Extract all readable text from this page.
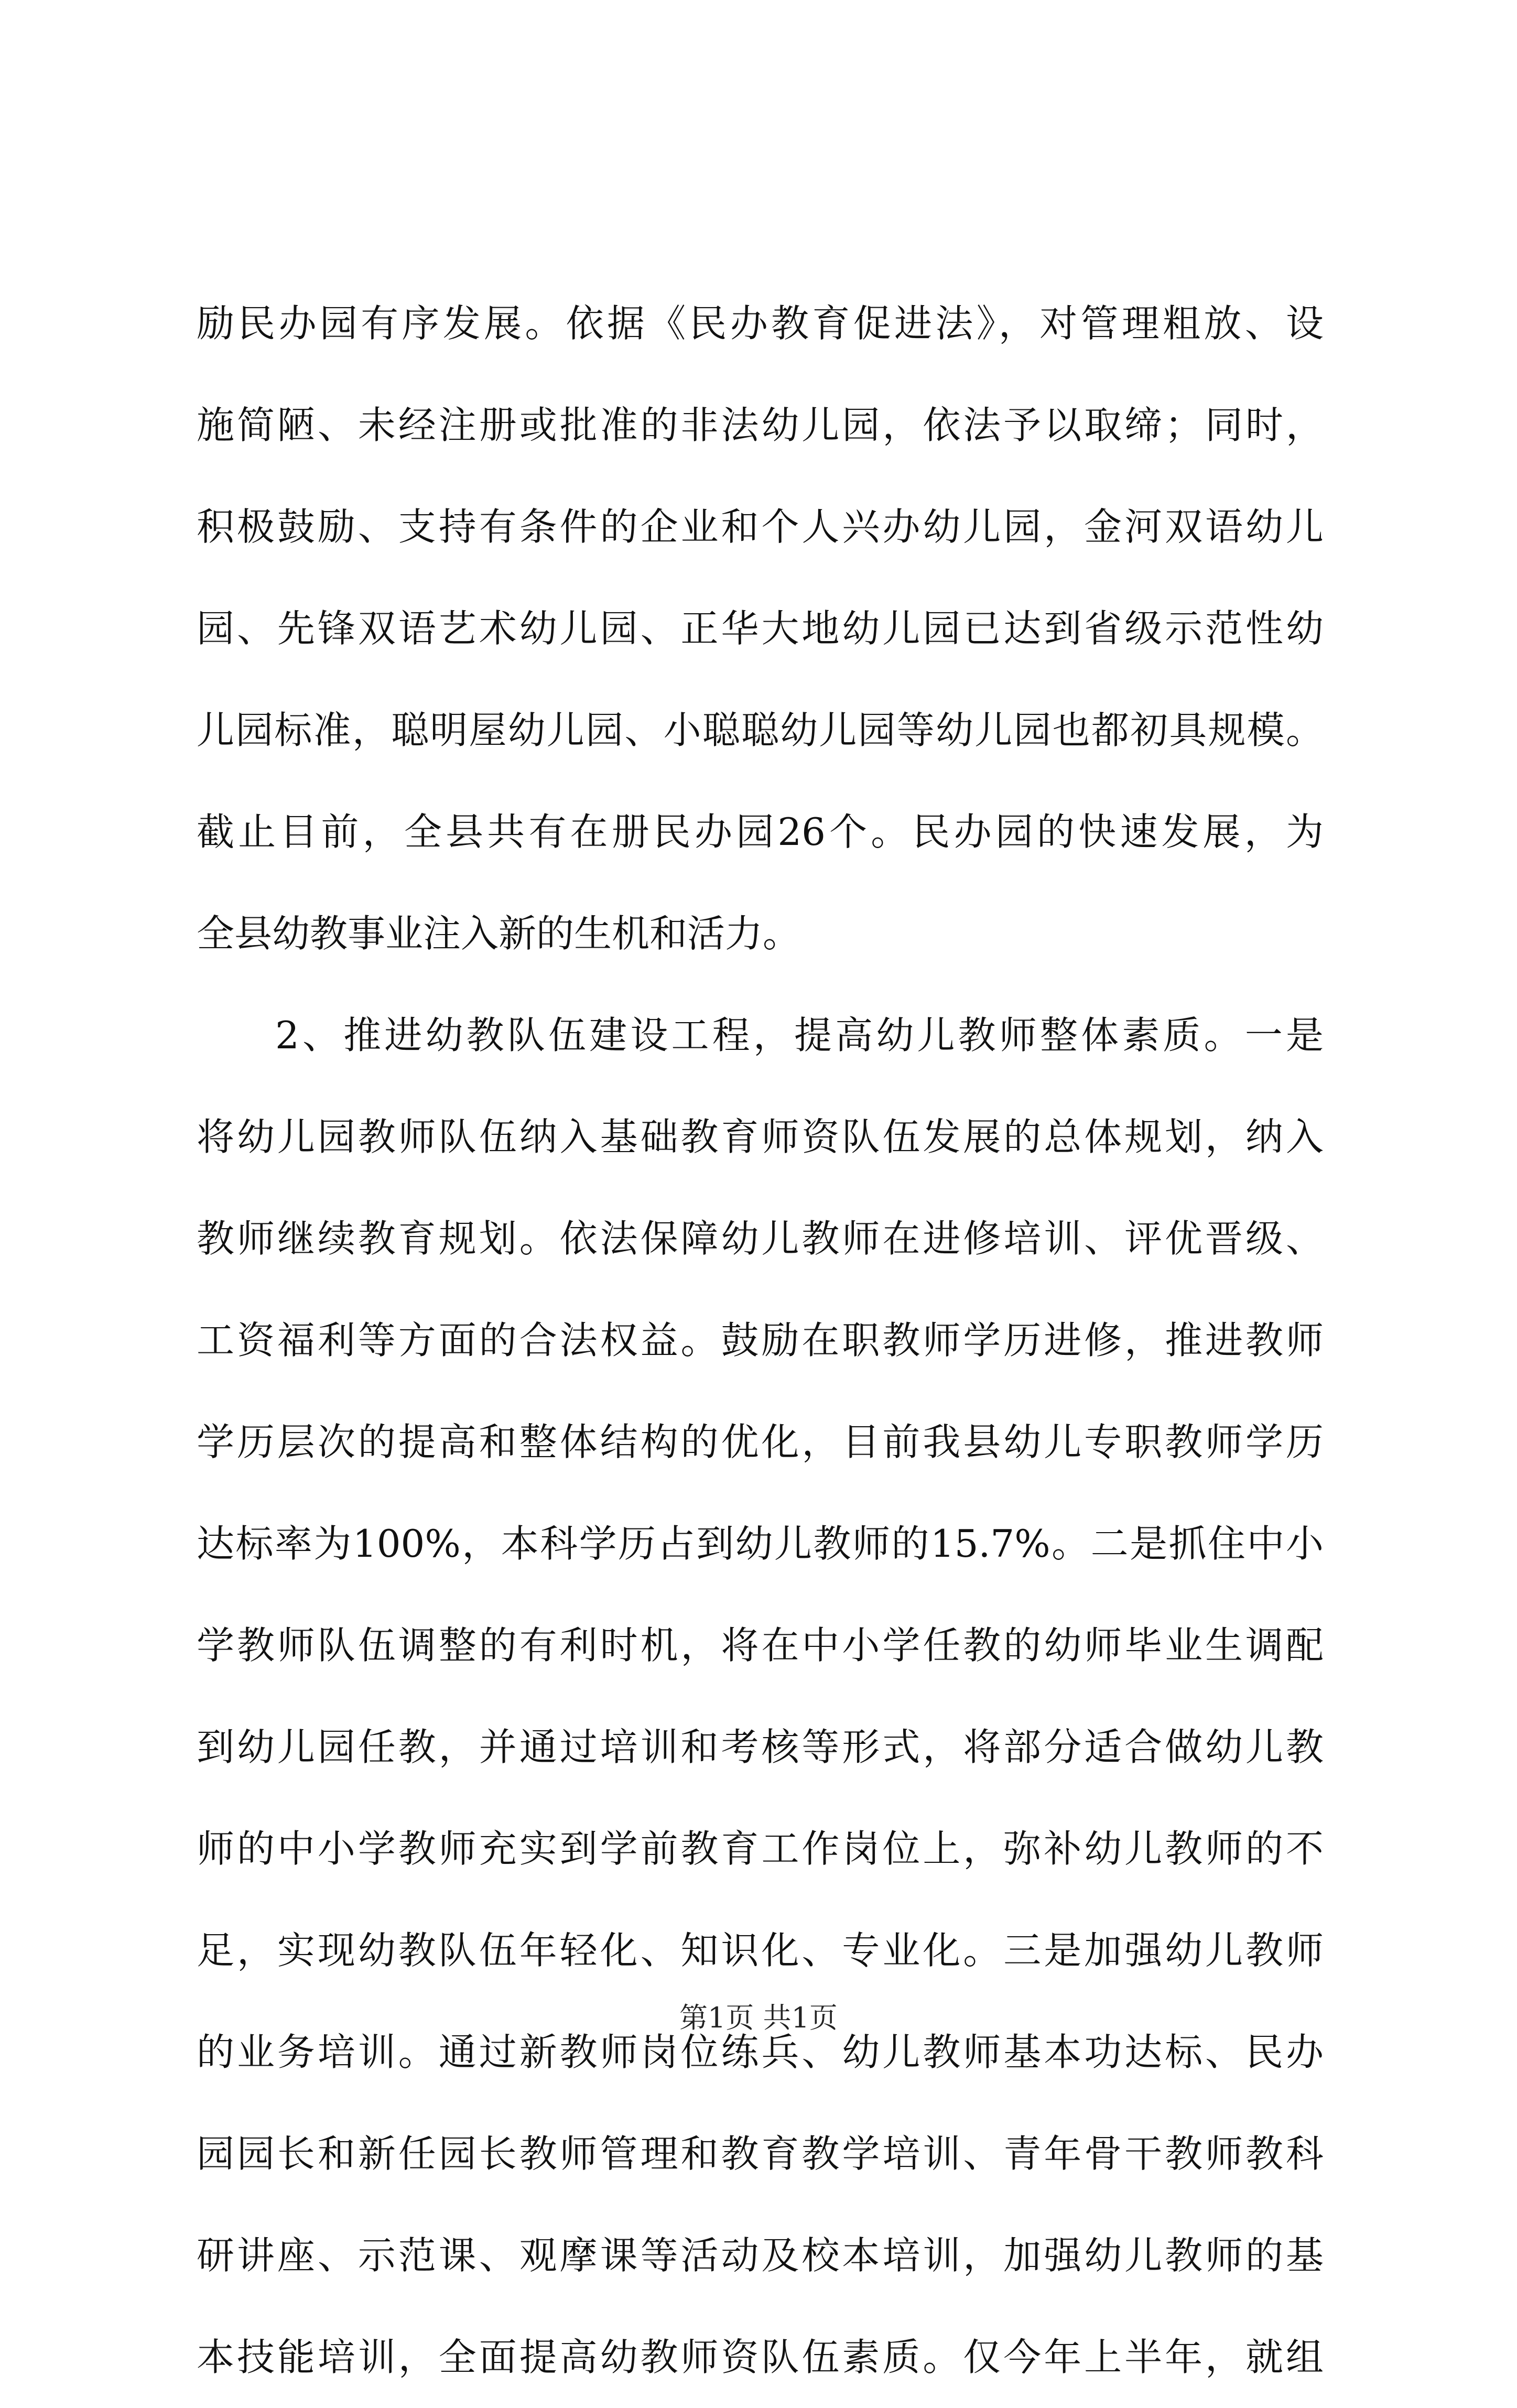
励民办园有序发展。依据《民办教育促进法》，对管理粗放、设
施简陋、未经注册或批准的非法幼儿园，依法予以取缔；同时，
积极鼓励、支持有条件的企业和个人兴办幼儿园，金河双语幼儿
园、先锋双语艺术幼儿园、正华大地幼儿园已达到省级示范性幼
儿园标准，聪明屋幼儿园、小聪聪幼儿园等幼儿园也都初具规模。
截止目前，全县共有在册民办园26个。民办园的快速发展，为
全县幼教事业注入新的生机和活力。
2、推进幼教队伍建设工程，提高幼儿教师整体素质。一是
将幼儿园教师队伍纳入基础教育师资队伍发展的总体规划，纳入
教师继续教育规划。依法保障幼儿教师在进修培训、评优晋级、
工资福利等方面的合法权益。鼓励在职教师学历进修，推进教师
学历层次的提高和整体结构的优化，目前我县幼儿专职教师学历
达标率为100%，本科学历占到幼儿教师的15.7%。二是抓住中小
学教师队伍调整的有利时机，将在中小学任教的幼师毕业生调配
到幼儿园任教，并通过培训和考核等形式，将部分适合做幼儿教
师的中小学教师充实到学前教育工作岗位上，弥补幼儿教师的不
足，实现幼教队伍年轻化、知识化、专业化。三是加强幼儿教师
的业务培训。通过新教师岗位练兵、幼儿教师基本功达标、民办
园园长和新任园长教师管理和教育教学培训、青年骨干教师教科
研讲座、示范课、观摩课等活动及校本培训，加强幼儿教师的基
本技能培训，全面提高幼教师资队伍素质。仅今年上半年，就组
第1页 共1页
